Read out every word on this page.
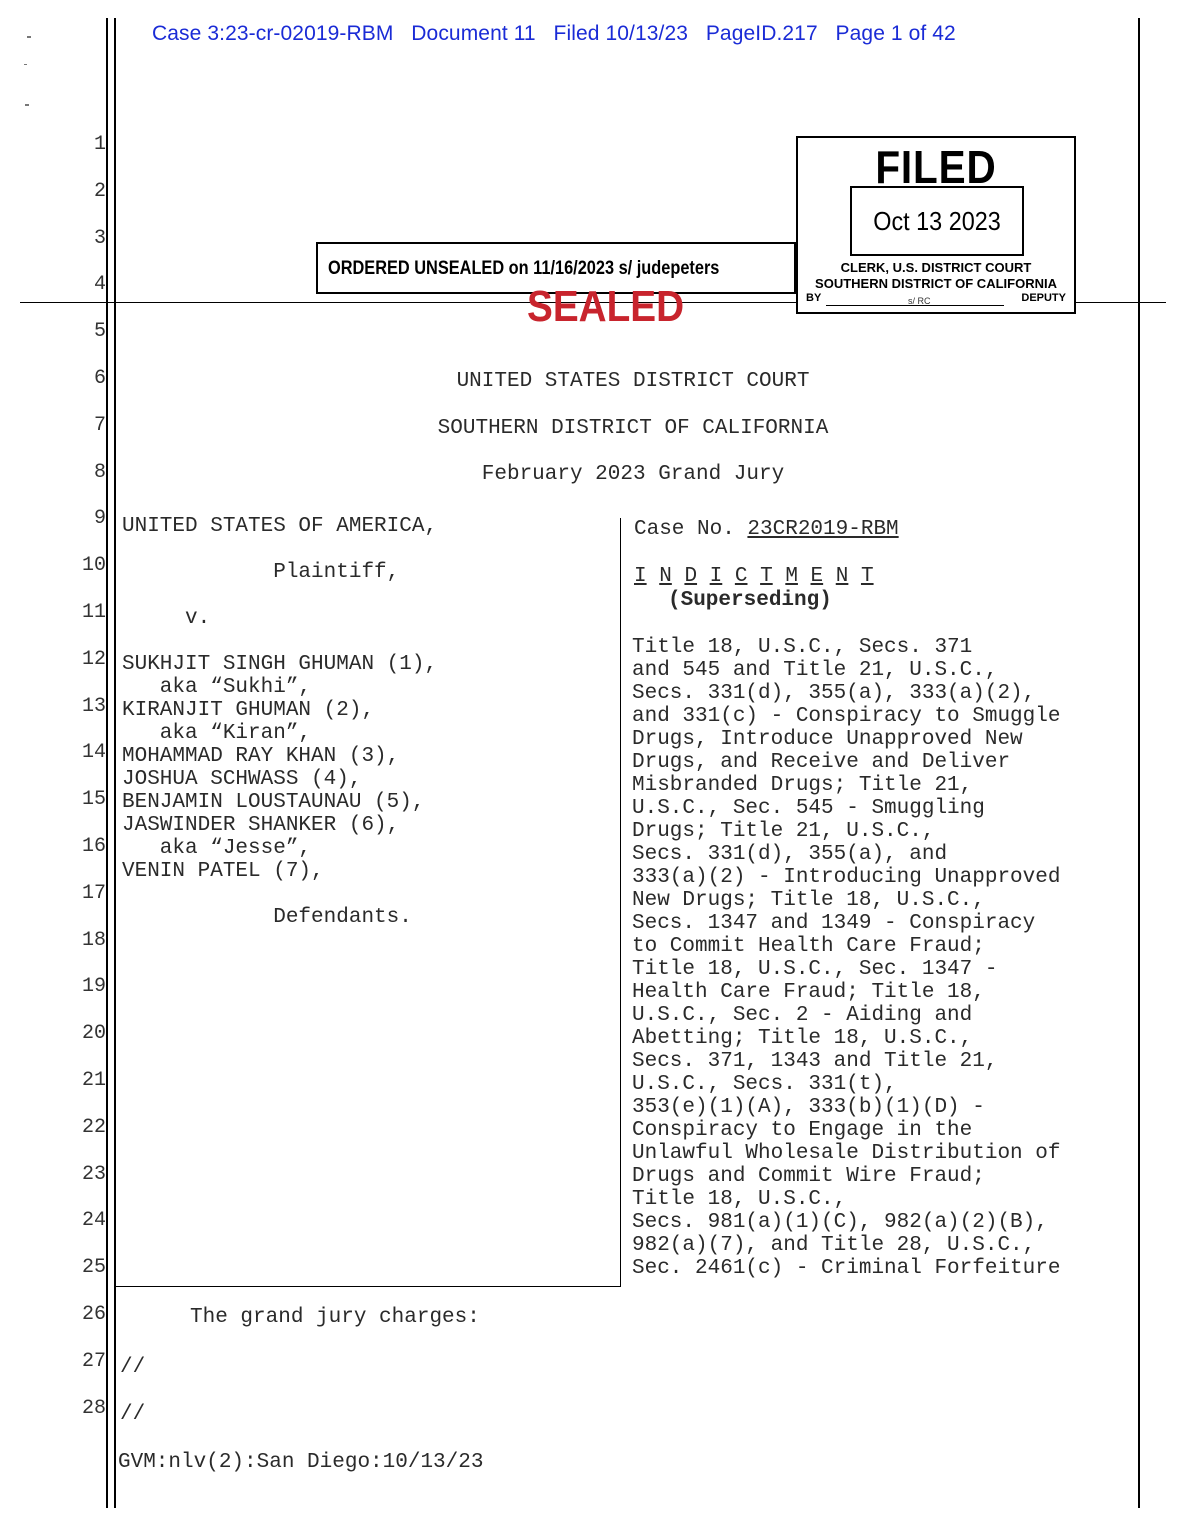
Case 3:23-cr-02019-RBM   Document 11   Filed 10/13/23   PageID.217   Page 1 of 42
1
2
3
4
5
6
7
8
9
10
11
12
13
14
15
16
17
18
19
20
21
22
23
24
25
26
27
28
ORDERED UNSEALED on 11/16/2023 s/ judepeters
SEALED
FILED
Oct 13 2023
CLERK, U.S. DISTRICT COURT
SOUTHERN DISTRICT OF CALIFORNIA
BY	s/ RC	DEPUTY
UNITED STATES DISTRICT COURT
SOUTHERN DISTRICT OF CALIFORNIA
February 2023 Grand Jury
UNITED STATES OF AMERICA,

Plaintiff,

v.

SUKHJIT SINGH GHUMAN (1),
aka “Sukhi”,
KIRANJIT GHUMAN (2),
aka “Kiran”,
MOHAMMAD RAY KHAN (3),
JOSHUA SCHWASS (4),
BENJAMIN LOUSTAUNAU (5),
JASWINDER SHANKER (6),
aka “Jesse”,
VENIN PATEL (7),

Defendants.
Case No. 23CR2019-RBM
I N D I C T M E N T
(Superseding)
Title 18, U.S.C., Secs. 371
and 545 and Title 21, U.S.C.,
Secs. 331(d), 355(a), 333(a)(2),
and 331(c) - Conspiracy to Smuggle
Drugs, Introduce Unapproved New
Drugs, and Receive and Deliver
Misbranded Drugs; Title 21,
U.S.C., Sec. 545 - Smuggling
Drugs; Title 21, U.S.C.,
Secs. 331(d), 355(a), and
333(a)(2) - Introducing Unapproved
New Drugs; Title 18, U.S.C.,
Secs. 1347 and 1349 - Conspiracy
to Commit Health Care Fraud;
Title 18, U.S.C., Sec. 1347 -
Health Care Fraud; Title 18,
U.S.C., Sec. 2 - Aiding and
Abetting; Title 18, U.S.C.,
Secs. 371, 1343 and Title 21,
U.S.C., Secs. 331(t),
353(e)(1)(A), 333(b)(1)(D) -
Conspiracy to Engage in the
Unlawful Wholesale Distribution of
Drugs and Commit Wire Fraud;
Title 18, U.S.C.,
Secs. 981(a)(1)(C), 982(a)(2)(B),
982(a)(7), and Title 28, U.S.C.,
Sec. 2461(c) - Criminal Forfeiture
The grand jury charges:
//
//
GVM:nlv(2):San Diego:10/13/23
